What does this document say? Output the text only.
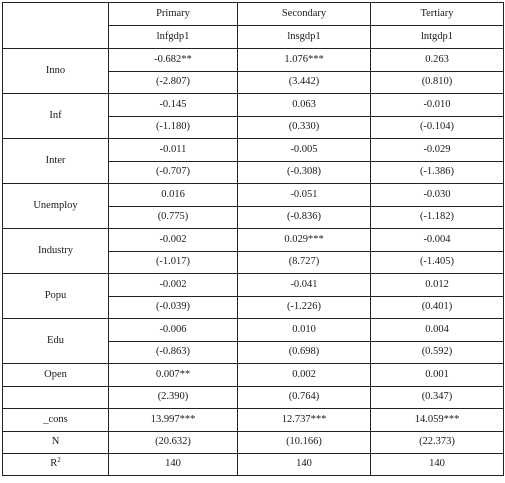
	Primary	Secondary	Tertiary
	lnfgdp1	lnsgdp1	lntgdp1
Inno	-0.682**	1.076***	0.263
	(-2.807)	(3.442)	(0.810)
Inf	-0.145	0.063	-0.010
	(-1.180)	(0.330)	(-0.104)
Inter	-0.011	-0.005	-0.029
	(-0.707)	(-0.308)	(-1.386)
Unemploy	0.016	-0.051	-0.030
	(0.775)	(-0.836)	(-1.182)
Industry	-0.002	0.029***	-0.004
	(-1.017)	(8.727)	(-1.405)
Popu	-0.002	-0.041	0.012
	(-0.039)	(-1.226)	(0.401)
Edu	-0.006	0.010	0.004
	(-0.863)	(0.698)	(0.592)
Open	0.007**	0.002	0.001
	(2.390)	(0.764)	(0.347)
_cons	13.997***	12.737***	14.059***
N	(20.632)	(10.166)	(22.373)
$R^2$	140	140	140
